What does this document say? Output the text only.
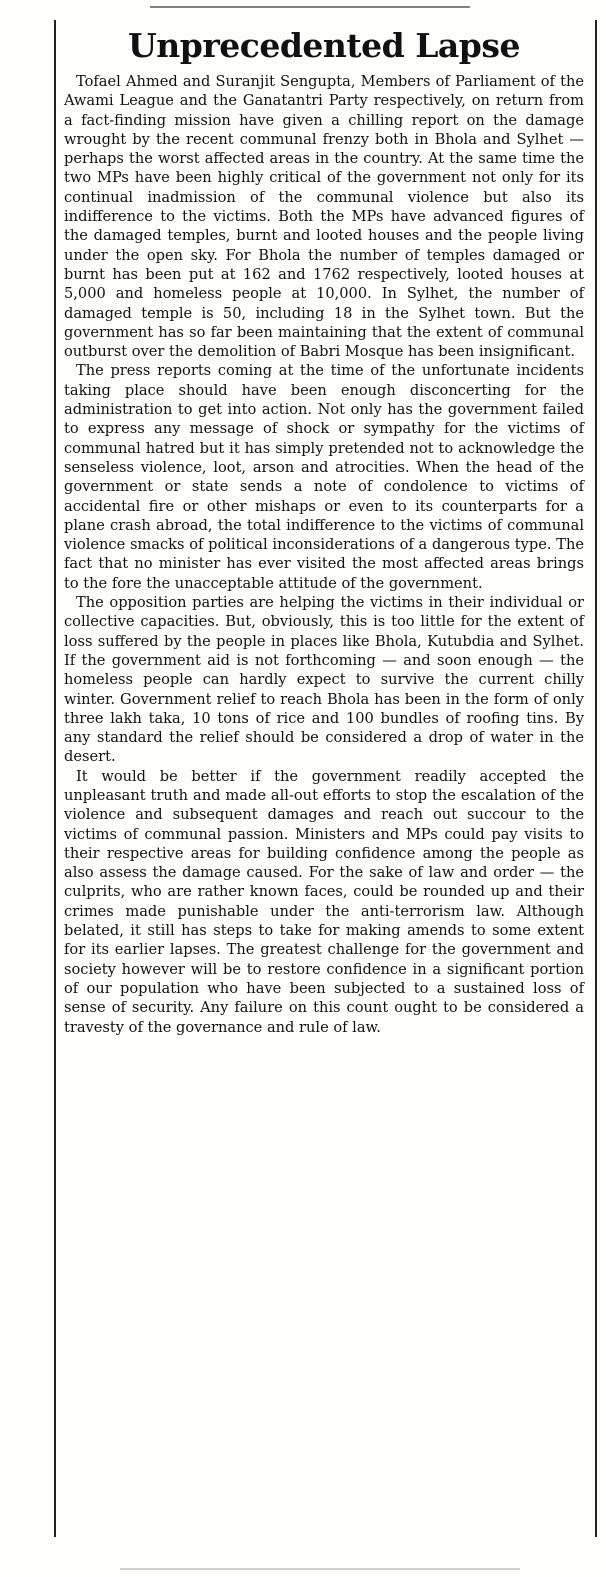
Unprecedented Lapse

Tofael Ahmed and Suranjit Sengupta, Members of Parliament of the Awami League and the Ganatantri Party respectively, on return from a fact-finding mission have given a chilling report on the damage wrought by the recent communal frenzy both in Bhola and Sylhet — perhaps the worst affected areas in the country. At the same time the two MPs have been highly critical of the government not only for its continual inadmission of the communal violence but also its indifference to the victims. Both the MPs have advanced figures of the damaged temples, burnt and looted houses and the people living under the open sky. For Bhola the number of temples damaged or burnt has been put at 162 and 1762 respectively, looted houses at 5,000 and homeless people at 10,000. In Sylhet, the number of damaged temple is 50, including 18 in the Sylhet town. But the government has so far been maintaining that the extent of communal outburst over the demolition of Babri Mosque has been insignificant.

The press reports coming at the time of the unfortunate incidents taking place should have been enough disconcerting for the administration to get into action. Not only has the government failed to express any message of shock or sympathy for the victims of communal hatred but it has simply pretended not to acknowledge the senseless violence, loot, arson and atrocities. When the head of the government or state sends a note of condolence to victims of accidental fire or other mishaps or even to its counterparts for a plane crash abroad, the total indifference to the victims of communal violence smacks of political inconsiderations of a dangerous type. The fact that no minister has ever visited the most affected areas brings to the fore the unacceptable attitude of the government.

The opposition parties are helping the victims in their individual or collective capacities. But, obviously, this is too little for the extent of loss suffered by the people in places like Bhola, Kutubdia and Sylhet. If the government aid is not forthcoming — and soon enough — the homeless people can hardly expect to survive the current chilly winter. Government relief to reach Bhola has been in the form of only three lakh taka, 10 tons of rice and 100 bundles of roofing tins. By any standard the relief should be considered a drop of water in the desert.

It would be better if the government readily accepted the unpleasant truth and made all-out efforts to stop the escalation of the violence and subsequent damages and reach out succour to the victims of communal passion. Ministers and MPs could pay visits to their respective areas for building confidence among the people as also assess the damage caused. For the sake of law and order — the culprits, who are rather known faces, could be rounded up and their crimes made punishable under the anti-terrorism law. Although belated, it still has steps to take for making amends to some extent for its earlier lapses. The greatest challenge for the government and society however will be to restore confidence in a significant portion of our population who have been subjected to a sustained loss of sense of security. Any failure on this count ought to be considered a travesty of the governance and rule of law.
